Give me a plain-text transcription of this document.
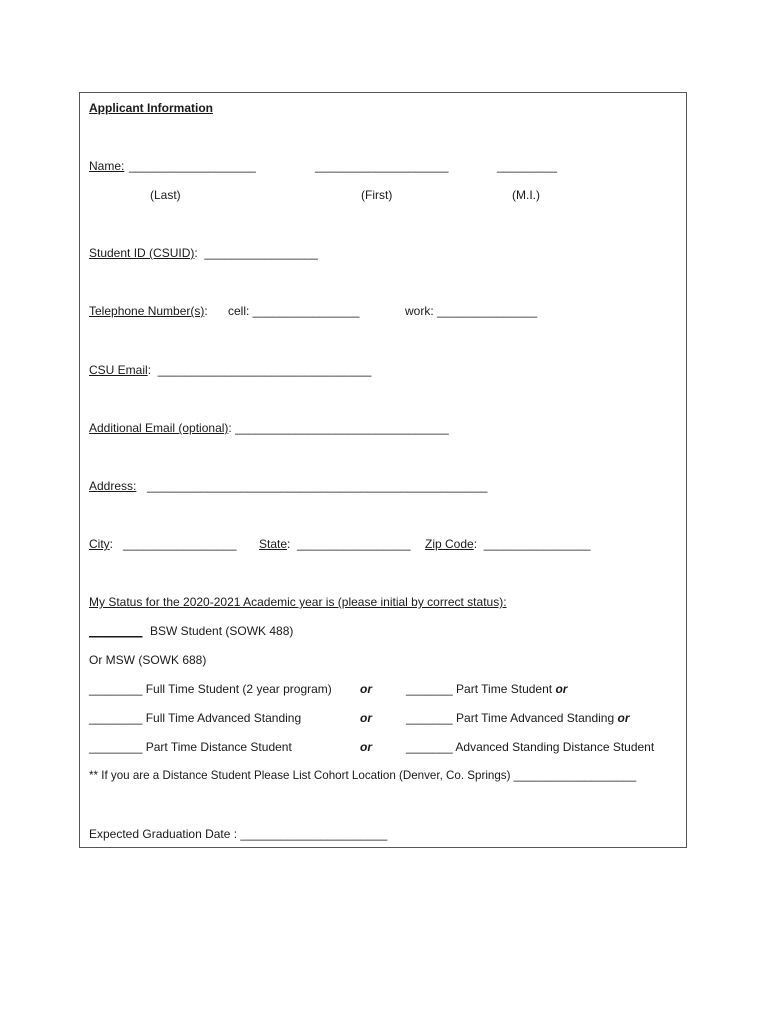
Applicant Information
Name: ___________________	____________________	_________
(Last)	(First)	(M.I.)
Student ID (CSUID): _________________
Telephone Number(s): cell: ________________	work: _______________
CSU Email: ________________________________
Additional Email (optional): ________________________________
Address: ___________________________________________________
City: _________________ State: _________________ Zip Code: ________________
My Status for the 2020-2021 Academic year is (please initial by correct status):
________ BSW Student (SOWK 488)
Or MSW (SOWK 688)
________ Full Time Student (2 year program) or	_______ Part Time Student or
________ Full Time Advanced Standing	or	_______ Part Time Advanced Standing or
________ Part Time Distance Student	or	_______ Advanced Standing Distance Student
** If you are a Distance Student Please List Cohort Location (Denver, Co. Springs) ___________________
Expected Graduation Date : ______________________
